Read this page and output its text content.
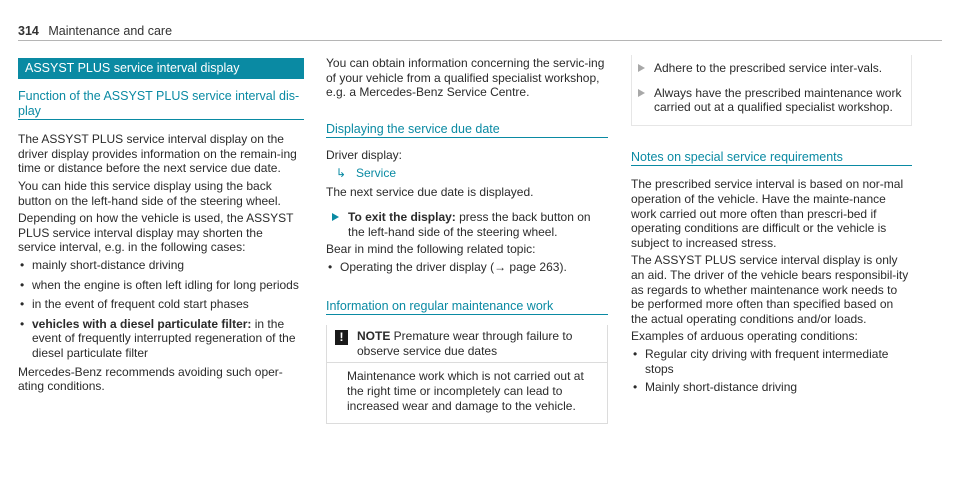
314 Maintenance and care
ASSYST PLUS service interval display
Function of the ASSYST PLUS service interval dis-play

The ASSYST PLUS service interval display on the driver display provides information on the remain-ing time or distance before the next service due date.

You can hide this service display using the back button on the left-hand side of the steering wheel.

Depending on how the vehicle is used, the ASSYST PLUS service interval display may shorten the service interval, e.g. in the following cases:

• mainly short-distance driving
• when the engine is often left idling for long periods
• in the event of frequent cold start phases
• vehicles with a diesel particulate filter: in the event of frequently interrupted regeneration of the diesel particulate filter

Mercedes-Benz recommends avoiding such oper-ating conditions.

You can obtain information concerning the servic-ing of your vehicle from a qualified specialist workshop, e.g. a Mercedes-Benz Service Centre.

Displaying the service due date

Driver display:

↳ Service

The next service due date is displayed.

To exit the display: press the back button on the left-hand side of the steering wheel.

Bear in mind the following related topic:

• Operating the driver display (→ page 263).
Information on regular maintenance work
!	NOTE Premature wear through failure to observe service due dates
Maintenance work which is not carried out at the right time or incompletely can lead to increased wear and damage to the vehicle.
Adhere to the prescribed service inter-vals.
Always have the prescribed maintenance work carried out at a qualified specialist workshop.
Notes on special service requirements

The prescribed service interval is based on nor-mal operation of the vehicle. Have the mainte-nance work carried out more often than prescri-bed if operating conditions are difficult or the vehicle is subject to increased stress.

The ASSYST PLUS service interval display is only an aid. The driver of the vehicle bears responsibil-ity as regards to whether maintenance work needs to be performed more often than specified based on the actual operating conditions and/or loads.

Examples of arduous operating conditions:

• Regular city driving with frequent intermediate stops
• Mainly short-distance driving
